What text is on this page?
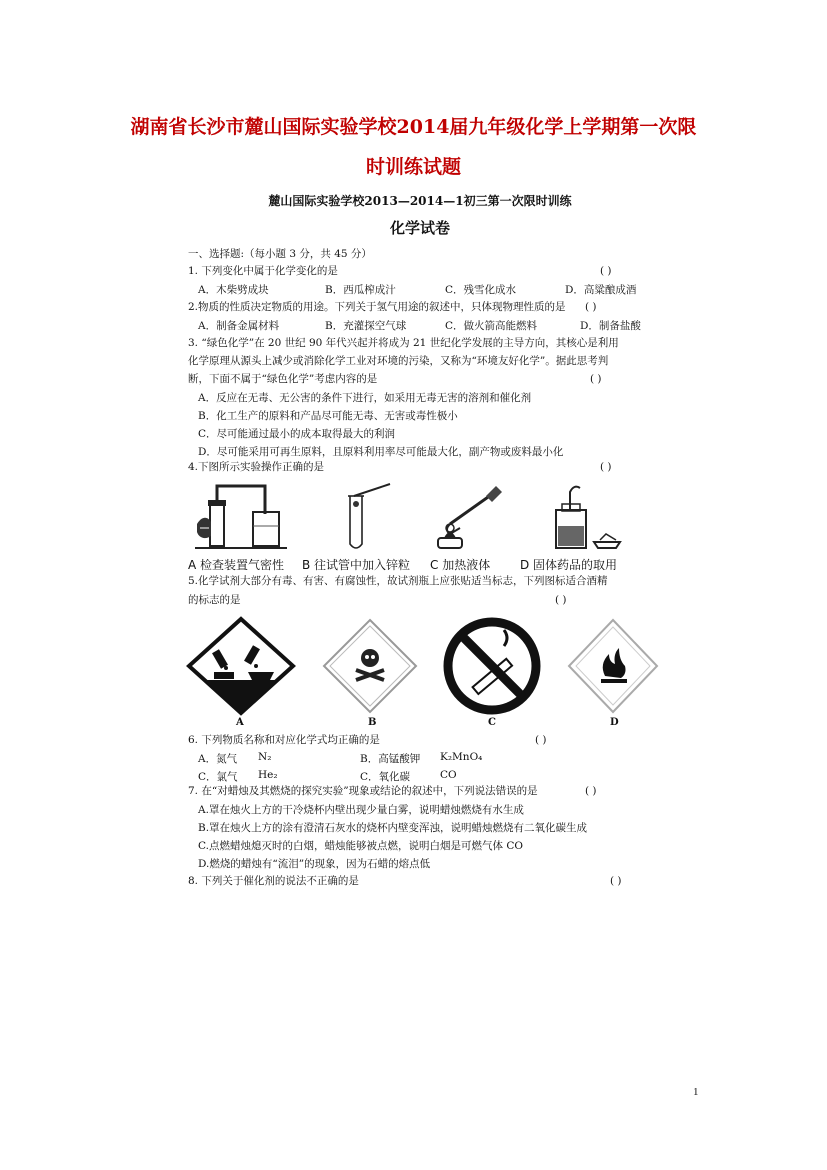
湖南省长沙市麓山国际实验学校2014届九年级化学上学期第一次限
时训练试题
麓山国际实验学校2013—2014—1初三第一次限时训练
化学试卷
一、选择题:（每小题 3 分，共 45 分）
1. 下列变化中属于化学变化的是	( )
A．木柴劈成块	B．西瓜榨成汁	C．残雪化成水	D．高粱酿成酒
2.物质的性质决定物质的用途。下列关于氢气用途的叙述中，只体现物理性质的是 ( )
A．制备金属材料	B．充灌探空气球	C．做火箭高能燃料	D．制备盐酸
3. “绿色化学”在 20 世纪 90 年代兴起并将成为 21 世纪化学发展的主导方向，其核心是利用
化学原理从源头上减少或消除化学工业对环境的污染，又称为“环境友好化学”。据此思考判
断，下面不属于“绿色化学”考虑内容的是	( )
A．反应在无毒、无公害的条件下进行，如采用无毒无害的溶剂和催化剂
B．化工生产的原料和产品尽可能无毒、无害或毒性极小
C．尽可能通过最小的成本取得最大的利润
D．尽可能采用可再生原料，且原料利用率尽可能最大化，副产物或废料最小化
4.下图所示实验操作正确的是	( )
A 检查装置气密性 B 往试管中加入锌粒 C 加热液体 D 固体药品的取用
5.化学试剂大部分有毒、有害、有腐蚀性，故试剂瓶上应张贴适当标志，下列图标适合酒精
的标志的是	( )
A	B	C	D
6. 下列物质名称和对应化学式均正确的是	( )
A．氮气 N₂	B．高锰酸钾 K₂MnO₄
C．氯气 He₂	C．氧化碳	CO
7. 在“对蜡烛及其燃烧的探究实验”现象或结论的叙述中，下列说法错误的是	( )
A.罩在烛火上方的干冷烧杯内壁出现少量白雾，说明蜡烛燃烧有水生成
B.罩在烛火上方的涂有澄清石灰水的烧杯内壁变浑浊，说明蜡烛燃烧有二氧化碳生成
C.点燃蜡烛熄灭时的白烟，蜡烛能够被点燃，说明白烟是可燃气体 CO
D.燃烧的蜡烛有“流泪”的现象，因为石蜡的熔点低
8. 下列关于催化剂的说法不正确的是	( )
1
